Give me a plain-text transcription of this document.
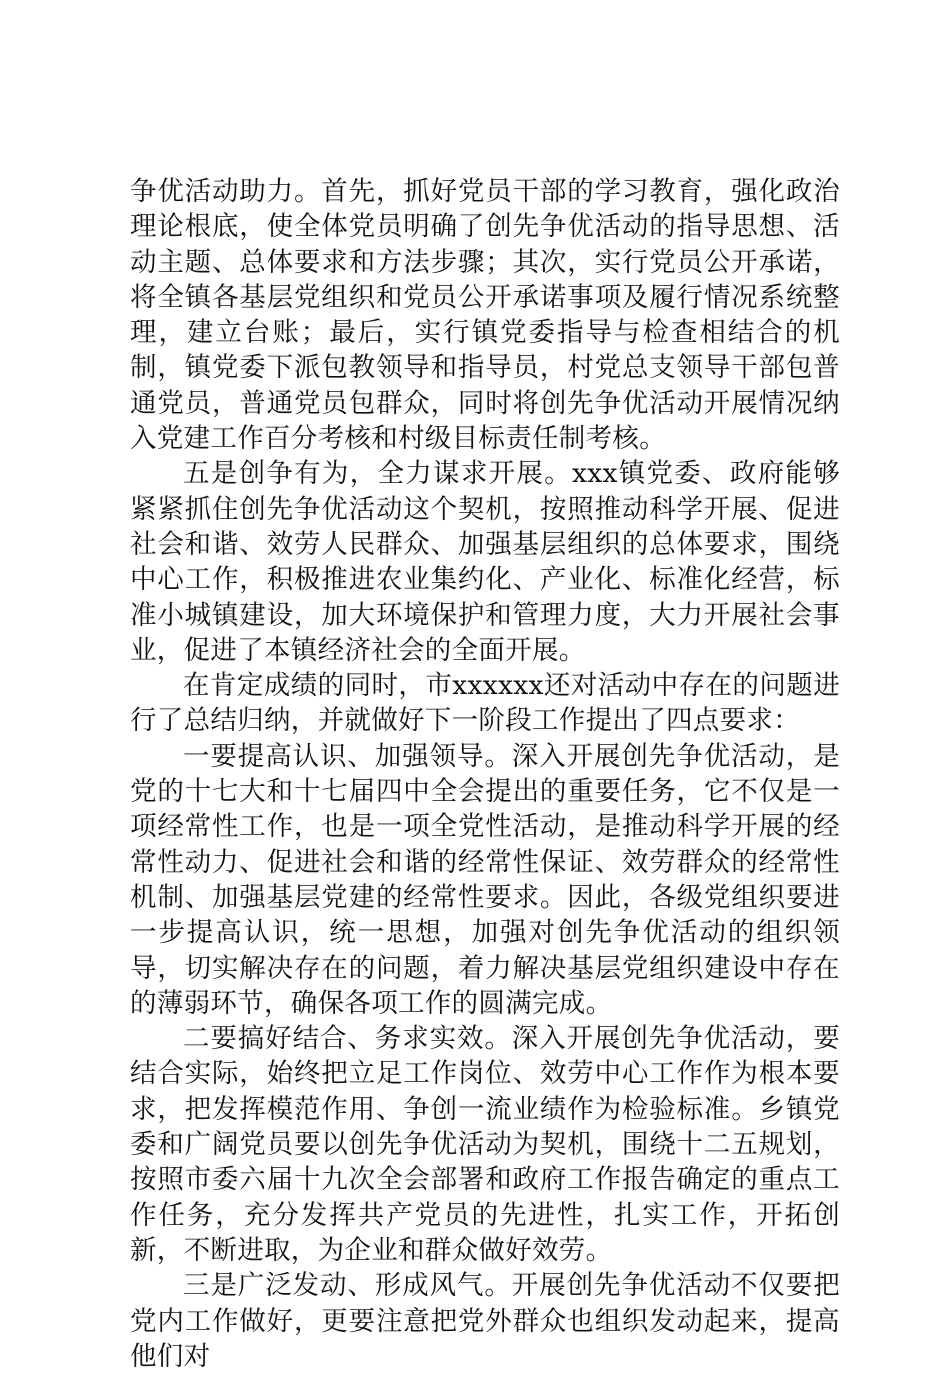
争优活动助力。首先，抓好党员干部的学习教育，强化政治理论根底，使全体党员明确了创先争优活动的指导思想、活动主题、总体要求和方法步骤；其次，实行党员公开承诺，将全镇各基层党组织和党员公开承诺事项及履行情况系统整理，建立台账；最后，实行镇党委指导与检查相结合的机制，镇党委下派包教领导和指导员，村党总支领导干部包普通党员，普通党员包群众，同时将创先争优活动开展情况纳入党建工作百分考核和村级目标责任制考核。

五是创争有为，全力谋求开展。xxx镇党委、政府能够紧紧抓住创先争优活动这个契机，按照推动科学开展、促进社会和谐、效劳人民群众、加强基层组织的总体要求，围绕中心工作，积极推进农业集约化、产业化、标准化经营，标准小城镇建设，加大环境保护和管理力度，大力开展社会事业，促进了本镇经济社会的全面开展。

在肯定成绩的同时，市xxxxxx还对活动中存在的问题进行了总结归纳，并就做好下一阶段工作提出了四点要求：

一要提高认识、加强领导。深入开展创先争优活动，是党的十七大和十七届四中全会提出的重要任务，它不仅是一项经常性工作，也是一项全党性活动，是推动科学开展的经常性动力、促进社会和谐的经常性保证、效劳群众的经常性机制、加强基层党建的经常性要求。因此，各级党组织要进一步提高认识，统一思想，加强对创先争优活动的组织领导，切实解决存在的问题，着力解决基层党组织建设中存在的薄弱环节，确保各项工作的圆满完成。

二要搞好结合、务求实效。深入开展创先争优活动，要结合实际，始终把立足工作岗位、效劳中心工作作为根本要求，把发挥模范作用、争创一流业绩作为检验标准。乡镇党委和广阔党员要以创先争优活动为契机，围绕十二五规划，按照市委六届十九次全会部署和政府工作报告确定的重点工作任务，充分发挥共产党员的先进性，扎实工作，开拓创新，不断进取，为企业和群众做好效劳。

三是广泛发动、形成风气。开展创先争优活动不仅要把党内工作做好，更要注意把党外群众也组织发动起来，提高他们对
